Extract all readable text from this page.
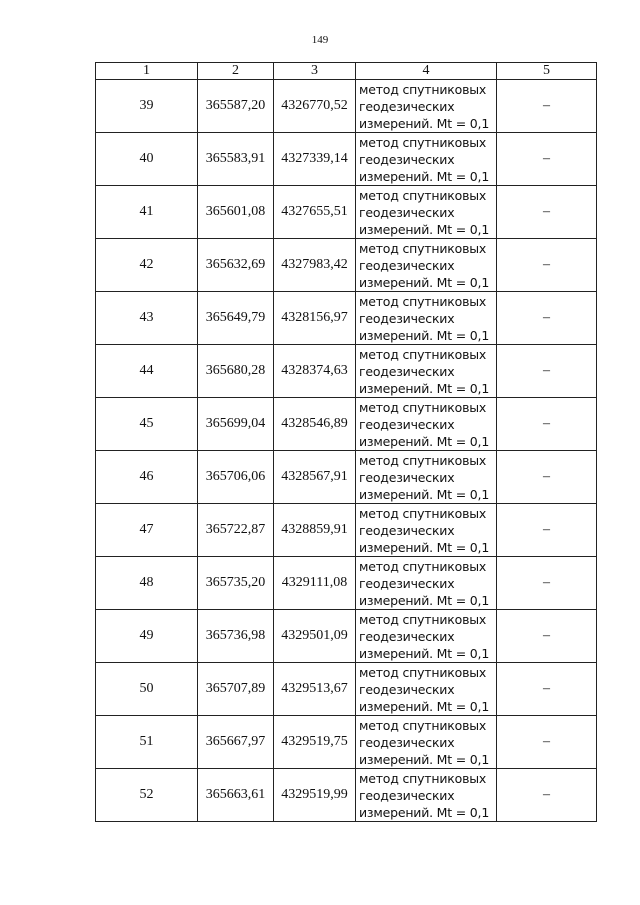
149
1	2	3	4	5
39	365587,20	4326770,52	метод спутниковых
геодезических
измерений. Mt = 0,1	–
40	365583,91	4327339,14	метод спутниковых
геодезических
измерений. Mt = 0,1	–
41	365601,08	4327655,51	метод спутниковых
геодезических
измерений. Mt = 0,1	–
42	365632,69	4327983,42	метод спутниковых
геодезических
измерений. Mt = 0,1	–
43	365649,79	4328156,97	метод спутниковых
геодезических
измерений. Mt = 0,1	–
44	365680,28	4328374,63	метод спутниковых
геодезических
измерений. Mt = 0,1	–
45	365699,04	4328546,89	метод спутниковых
геодезических
измерений. Mt = 0,1	–
46	365706,06	4328567,91	метод спутниковых
геодезических
измерений. Mt = 0,1	–
47	365722,87	4328859,91	метод спутниковых
геодезических
измерений. Mt = 0,1	–
48	365735,20	4329111,08	метод спутниковых
геодезических
измерений. Mt = 0,1	–
49	365736,98	4329501,09	метод спутниковых
геодезических
измерений. Mt = 0,1	–
50	365707,89	4329513,67	метод спутниковых
геодезических
измерений. Mt = 0,1	–
51	365667,97	4329519,75	метод спутниковых
геодезических
измерений. Mt = 0,1	–
52	365663,61	4329519,99	метод спутниковых
геодезических
измерений. Mt = 0,1	–
